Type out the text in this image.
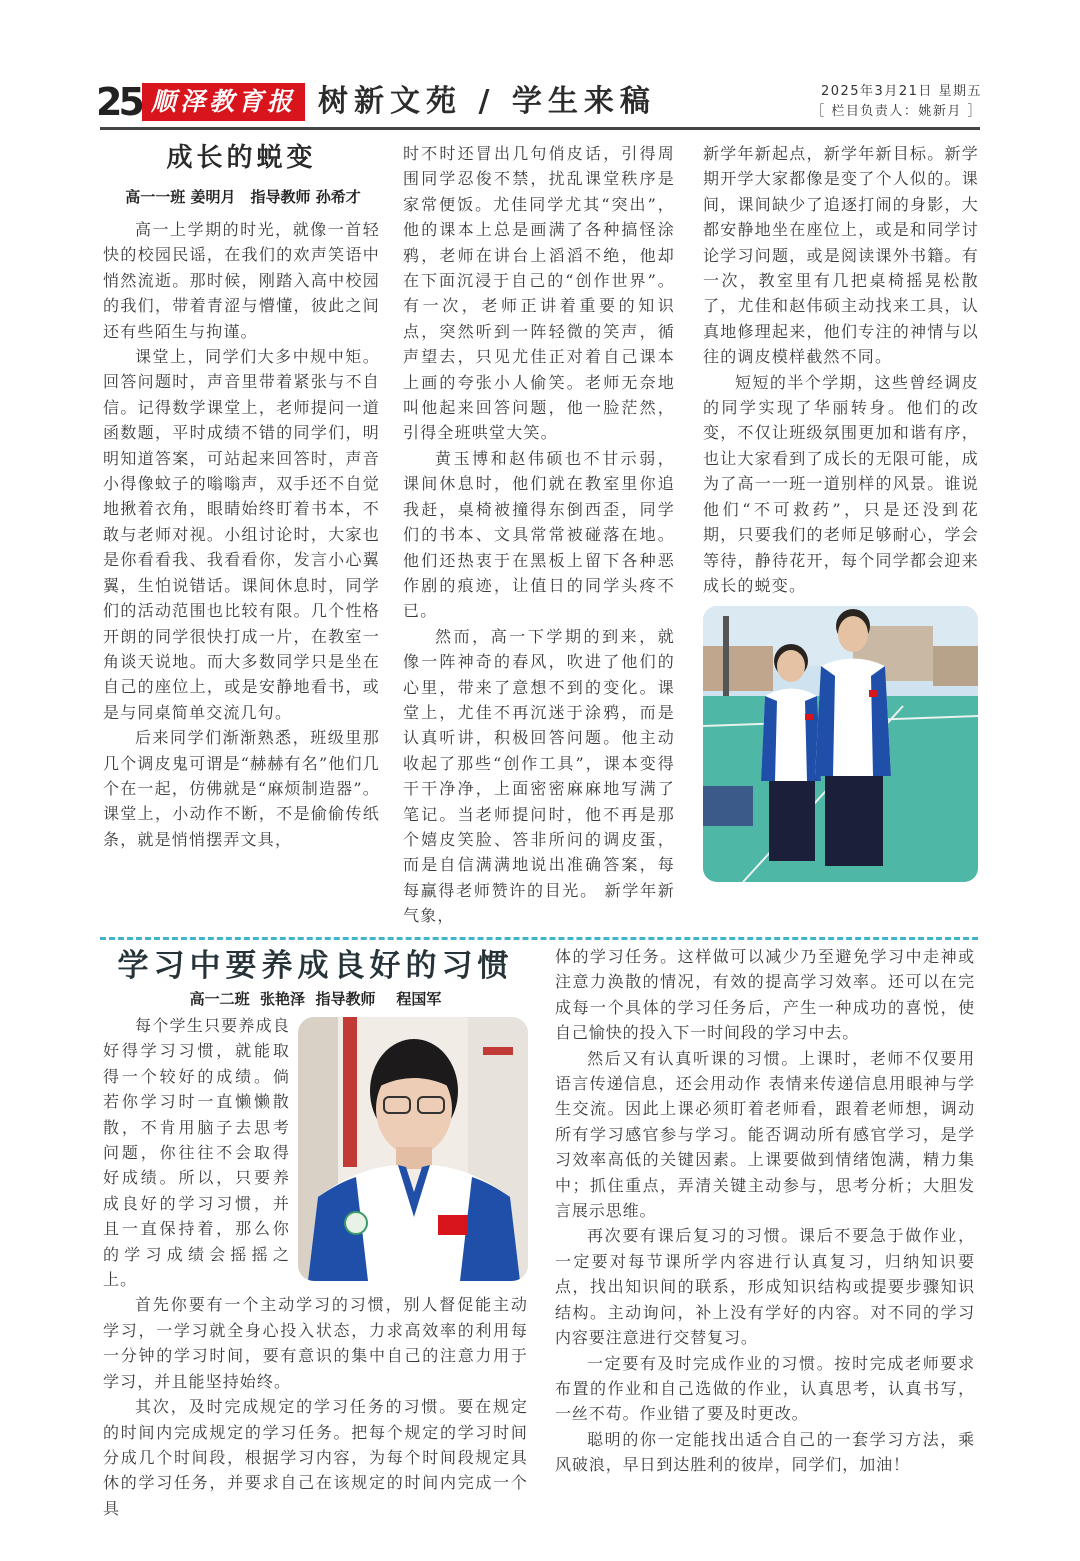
25 顺泽教育报 树新文苑 / 学生来稿	2025年3月21日 星期五
［ 栏目负责人：姚新月 ］
成长的蜕变
高一一班 姜明月　指导教师 孙希才

高一上学期的时光，就像一首轻快的校园民谣，在我们的欢声笑语中悄然流逝。那时候，刚踏入高中校园的我们，带着青涩与懵懂，彼此之间还有些陌生与拘谨。

课堂上，同学们大多中规中矩。回答问题时，声音里带着紧张与不自信。记得数学课堂上，老师提问一道函数题，平时成绩不错的同学们，明明知道答案，可站起来回答时，声音小得像蚊子的嗡嗡声，双手还不自觉地揪着衣角，眼睛始终盯着书本，不敢与老师对视。小组讨论时，大家也是你看看我、我看看你，发言小心翼翼，生怕说错话。课间休息时，同学们的活动范围也比较有限。几个性格开朗的同学很快打成一片，在教室一角谈天说地。而大多数同学只是坐在自己的座位上，或是安静地看书，或是与同桌简单交流几句。

后来同学们渐渐熟悉，班级里那几个调皮鬼可谓是“赫赫有名”他们几个在一起，仿佛就是“麻烦制造器”。课堂上，小动作不断，不是偷偷传纸条，就是悄悄摆弄文具，

时不时还冒出几句俏皮话，引得周围同学忍俊不禁，扰乱课堂秩序是家常便饭。尤佳同学尤其“突出”，他的课本上总是画满了各种搞怪涂鸦，老师在讲台上滔滔不绝，他却在下面沉浸于自己的“创作世界”。有一次，老师正讲着重要的知识点，突然听到一阵轻微的笑声，循声望去，只见尤佳正对着自己课本上画的夸张小人偷笑。老师无奈地叫他起来回答问题，他一脸茫然，引得全班哄堂大笑。

黄玉博和赵伟硕也不甘示弱，课间休息时，他们就在教室里你追我赶，桌椅被撞得东倒西歪，同学们的书本、文具常常被碰落在地。他们还热衷于在黑板上留下各种恶作剧的痕迹，让值日的同学头疼不已。

然而，高一下学期的到来，就像一阵神奇的春风，吹进了他们的心里，带来了意想不到的变化。课堂上，尤佳不再沉迷于涂鸦，而是认真听讲，积极回答问题。他主动收起了那些“创作工具”，课本变得干干净净，上面密密麻麻地写满了笔记。当老师提问时，他不再是那个嬉皮笑脸、答非所问的调皮蛋，而是自信满满地说出准确答案，每每赢得老师赞许的目光。 新学年新气象，

新学年新起点，新学年新目标。新学期开学大家都像是变了个人似的。课间，课间缺少了追逐打闹的身影，大都安静地坐在座位上，或是和同学讨论学习问题，或是阅读课外书籍。有一次，教室里有几把桌椅摇晃松散了，尤佳和赵伟硕主动找来工具，认真地修理起来，他们专注的神情与以往的调皮模样截然不同。

短短的半个学期，这些曾经调皮的同学实现了华丽转身。他们的改变，不仅让班级氛围更加和谐有序，也让大家看到了成长的无限可能，成为了高一一班一道别样的风景。谁说他们“不可救药”，只是还没到花期，只要我们的老师足够耐心，学会等待，静待花开，每个同学都会迎来成长的蜕变。

学习中要养成良好的习惯
高一二班  张艳泽  指导教师    程国军

每个学生只要养成良好得学习习惯，就能取得一个较好的成绩。倘若你学习时一直懒懒散散，不肯用脑子去思考问题，你往往不会取得好成绩。所以，只要养成良好的学习习惯，并且一直保持着，那么你的学习成绩会摇摇之上。

首先你要有一个主动学习的习惯，别人督促能主动学习，一学习就全身心投入状态，力求高效率的利用每一分钟的学习时间，要有意识的集中自己的注意力用于学习，并且能坚持始终。

其次，及时完成规定的学习任务的习惯。要在规定的时间内完成规定的学习任务。把每个规定的学习时间分成几个时间段，根据学习内容，为每个时间段规定具休的学习任务，并要求自己在该规定的时间内完成一个具

体的学习任务。这样做可以减少乃至避免学习中走神或注意力涣散的情况，有效的提高学习效率。还可以在完成每一个具体的学习任务后，产生一种成功的喜悦，使自己愉快的投入下一时间段的学习中去。

然后又有认真听课的习惯。上课时，老师不仅要用语言传递信息，还会用动作 表情来传递信息用眼神与学生交流。因此上课必须盯着老师看，跟着老师想，调动所有学习感官参与学习。能否调动所有感官学习，是学习效率高低的关键因素。上课要做到情绪饱满，精力集中；抓住重点，弄清关键主动参与，思考分析；大胆发言展示思维。

再次要有课后复习的习惯。课后不要急于做作业，一定要对每节课所学内容进行认真复习，归纳知识要点，找出知识间的联系，形成知识结构或提要步骤知识结构。主动询问，补上没有学好的内容。对不同的学习内容要注意进行交替复习。

一定要有及时完成作业的习惯。按时完成老师要求布置的作业和自己选做的作业，认真思考，认真书写，一丝不苟。作业错了要及时更改。

聪明的你一定能找出适合自己的一套学习方法，乘风破浪，早日到达胜利的彼岸，同学们，加油！
